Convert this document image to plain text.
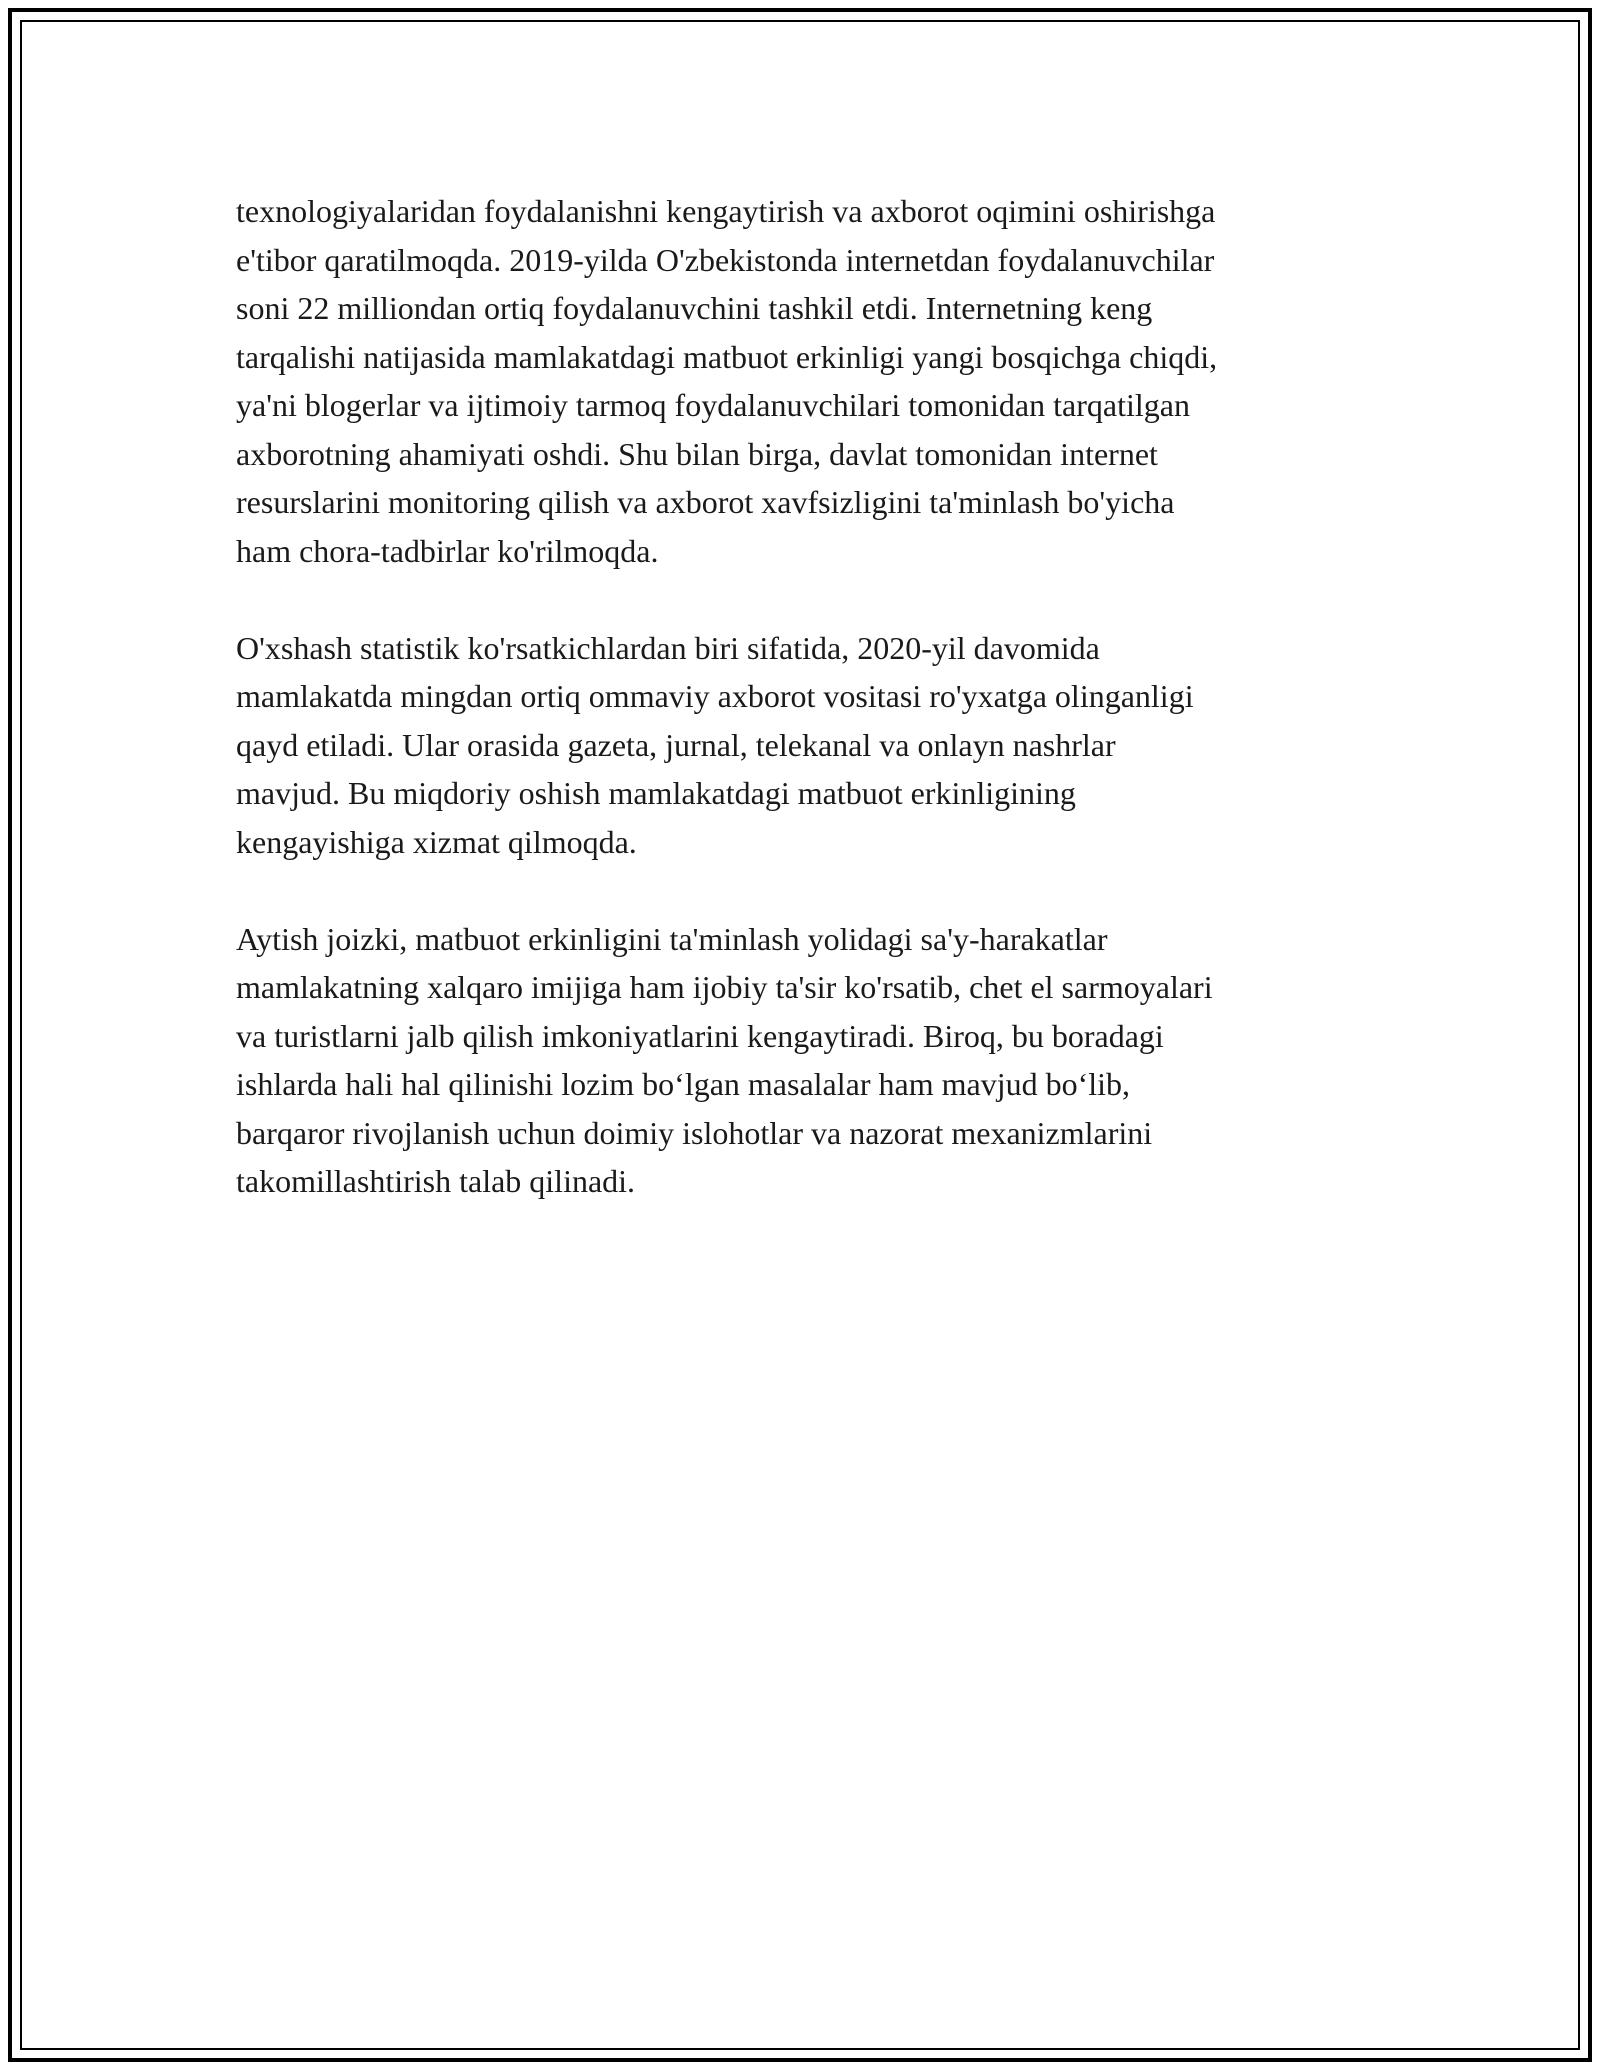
texnologiyalaridan foydalanishni kengaytirish va axborot oqimini oshirishga
e'tibor qaratilmoqda. 2019-yilda O'zbekistonda internetdan foydalanuvchilar
soni 22 milliondan ortiq foydalanuvchini tashkil etdi. Internetning keng
tarqalishi natijasida mamlakatdagi matbuot erkinligi yangi bosqichga chiqdi,
ya'ni blogerlar va ijtimoiy tarmoq foydalanuvchilari tomonidan tarqatilgan
axborotning ahamiyati oshdi. Shu bilan birga, davlat tomonidan internet
resurslarini monitoring qilish va axborot xavfsizligini ta'minlash bo'yicha
ham chora-tadbirlar ko'rilmoqda.

O'xshash statistik ko'rsatkichlardan biri sifatida, 2020-yil davomida
mamlakatda mingdan ortiq ommaviy axborot vositasi ro'yxatga olinganligi
qayd etiladi. Ular orasida gazeta, jurnal, telekanal va onlayn nashrlar
mavjud. Bu miqdoriy oshish mamlakatdagi matbuot erkinligining
kengayishiga xizmat qilmoqda.

Aytish joizki, matbuot erkinligini ta'minlash yolidagi sa'y-harakatlar
mamlakatning xalqaro imijiga ham ijobiy ta'sir ko'rsatib, chet el sarmoyalari
va turistlarni jalb qilish imkoniyatlarini kengaytiradi. Biroq, bu boradagi
ishlarda hali hal qilinishi lozim bo‘lgan masalalar ham mavjud bo‘lib,
barqaror rivojlanish uchun doimiy islohotlar va nazorat mexanizmlarini
takomillashtirish talab qilinadi.
